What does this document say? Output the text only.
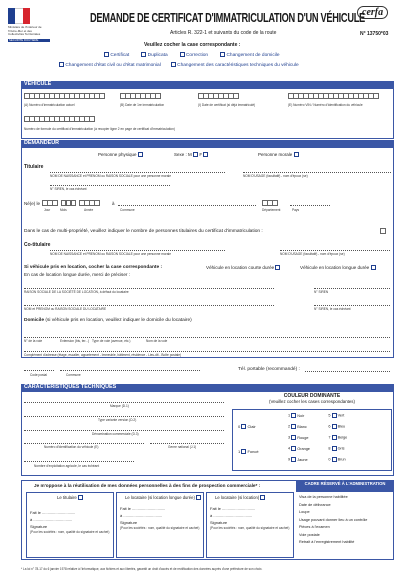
Ministère de l'Intérieur de l'Outre-Mer et des Collectivités Territoriales
SECURITE ROUTIERE
DEMANDE DE CERTIFICAT D'IMMATRICULATION D'UN VÉHICULE
Articles R. 322-1 et suivants du code de la route
cerfa
N° 13750*03
Veuillez cocher la case correspondante :
Certificat	Duplicata	Correction	Changement de domicile
Changement d'état civil ou d'état matrimonial	Changement des caractéristiques techniques du véhicule
VEHICULE
(A) Numéro d'immatriculation actuel	(B) Date de 1re immatriculation	(I) Date de certificat (si déjà immatriculé)	(E) Numéro VIN / Numéro d'identification du véhicule
Numéro de formule du certificat d'immatriculation (à recopier ligne 2 en page de certificat d'immatriculation)
DEMANDEUR
Personne physique	Sexe : M F	Personne morale
Titulaire
NOM DE NAISSANCE et PRENOM ou RAISON SOCIALE pour une personne morale	NOM D'USAGE (facultatif) - nom d'époux (se)
N° SIREN, le cas échéant
Né(e) le
Jour	Mois	Année
à
Commune	Département	Pays
Dans le cas de multi-propriété, veuillez indiquer le nombre de personnes titulaires du certificat d'immatriculation :
Co-titulaire
NOM DE NAISSANCE et PRENOM ou RAISON SOCIALE pour une personne morale	NOM D'USAGE (facultatif) - nom d'époux (se)
Si véhicule pris en location, cocher la case correspondante :	Véhicule en location courte durée	Véhicule en location longue durée
En cas de location longue durée, merci de préciser :
RAISON SOCIALE DE LA SOCIÉTÉ DE LOCATION, à défaut du locataire	N° SIREN
NOM et PRENOM ou RAISON SOCIALE DU LOCATAIRE	N° SIREN, le cas échéant
Domicile (si véhicule pris en location, veuillez indiquer le domicile du locataire)
N° de la voie	Extension (bis, ter...) Type de voie (avenue, etc.)	Nom de la voie
Complément d'adresse (étage, escalier, appartement - Immeuble, bâtiment, résidence - Lieu-dit - Boîte postale)
Code postal	Commune
Tél. portable (recommandé) :
CARACTÉRISTIQUES TECHNIQUES
Marque (D.1)
Type variante version (D.2)
Dénomination commerciale (D.3)
Numéro d'identification du véhicule (E)	Genre national (J.1)
Nombre d'exploitation agricole, le cas échéant
COULEUR DOMINANTE
(Veuillez cocher les cases correspondantes)
0 Clair
1 Foncé
1 Noir	5 Vert
2 Blanc	6 Bleu
3 Rouge	7 Beige
4 Orange	8 Gris
9 Jaune	0 Brun
Je m'oppose à la réutilisation de mes données personnelles à des fins de prospection commerciale* :
Le titulaire
Fait le ..............................
à ...................................
Signature
(Pour les sociétés : nom, qualité du signataire et cachet)
Le locataire (si location longue durée)
Fait le ..............................
à ...................................
Signature
(Pour les sociétés : nom, qualité du signataire et cachet)
Le locataire (si location)
Fait le ..............................
à ...................................
Signature
(Pour les sociétés : nom, qualité du signataire et cachet)
CADRE RÉSERVÉ À L'ADMINISTRATION
Visa de la personne habilitée
Date de délivrance
Loupe
Usage pouvant donner lieu à un contrôle
Pièces à l'examen
Voie postale
Retrait à l'enregistrement habilité
* La loi n° 78-17 du 6 janvier 1978 relative à l'informatique, aux fichiers et aux libertés, garantit un droit d'accès et de rectification des données auprès d'une préfecture de son choix.
